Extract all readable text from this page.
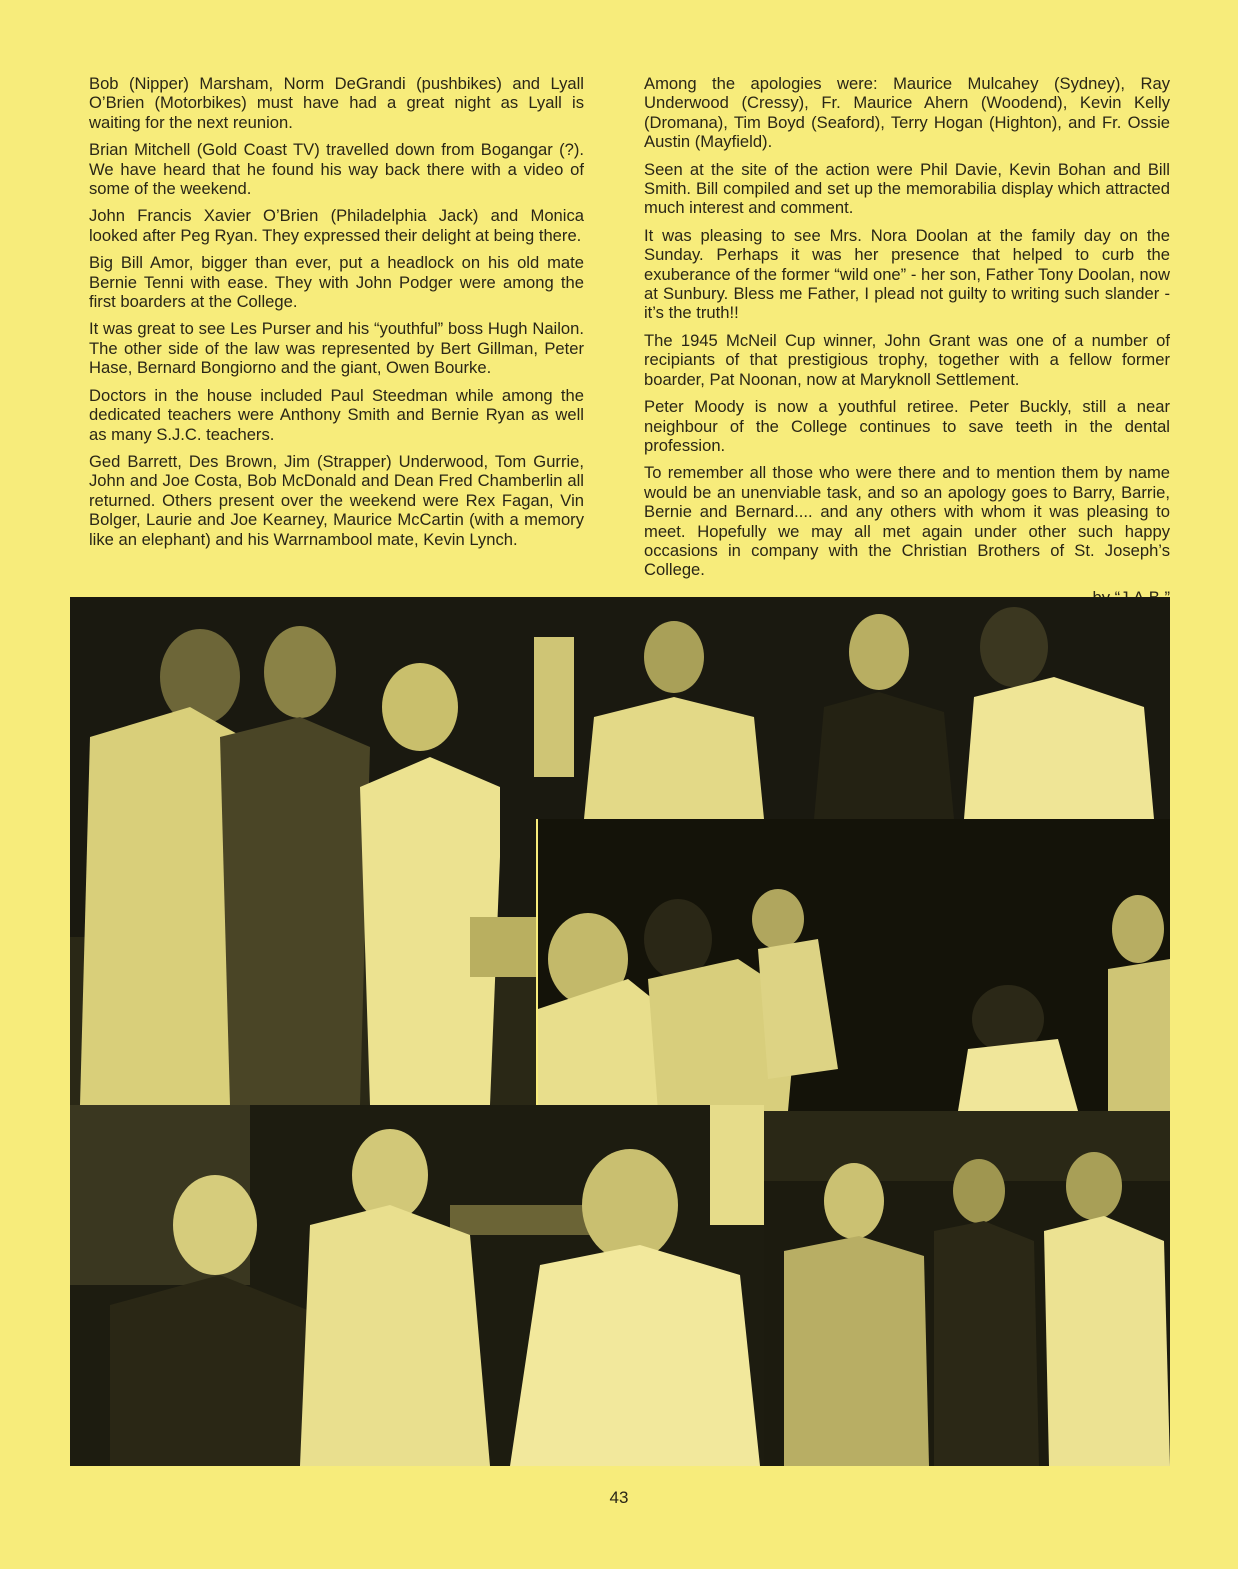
Bob (Nipper) Marsham, Norm DeGrandi (pushbikes) and Lyall O’Brien (Motorbikes) must have had a great night as Lyall is waiting for the next reunion.

Brian Mitchell (Gold Coast TV) travelled down from Bogangar (?). We have heard that he found his way back there with a video of some of the weekend.

John Francis Xavier O’Brien (Philadelphia Jack) and Monica looked after Peg Ryan. They expressed their delight at being there.

Big Bill Amor, bigger than ever, put a headlock on his old mate Bernie Tenni with ease. They with John Podger were among the first boarders at the College.

It was great to see Les Purser and his “youthful” boss Hugh Nailon. The other side of the law was represented by Bert Gillman, Peter Hase, Bernard Bongiorno and the giant, Owen Bourke.

Doctors in the house included Paul Steedman while among the dedicated teachers were Anthony Smith and Bernie Ryan as well as many S.J.C. teachers.

Ged Barrett, Des Brown, Jim (Strapper) Underwood, Tom Gurrie, John and Joe Costa, Bob McDonald and Dean Fred Chamberlin all returned. Others present over the weekend were Rex Fagan, Vin Bolger, Laurie and Joe Kearney, Maurice McCartin (with a memory like an elephant) and his Warrnambool mate, Kevin Lynch.

Among the apologies were: Maurice Mulcahey (Sydney), Ray Underwood (Cressy), Fr. Maurice Ahern (Woodend), Kevin Kelly (Dromana), Tim Boyd (Seaford), Terry Hogan (Highton), and Fr. Ossie Austin (Mayfield).

Seen at the site of the action were Phil Davie, Kevin Bohan and Bill Smith. Bill compiled and set up the memorabilia display which attracted much interest and comment.

It was pleasing to see Mrs. Nora Doolan at the family day on the Sunday. Perhaps it was her presence that helped to curb the exuberance of the former “wild one” - her son, Father Tony Doolan, now at Sunbury. Bless me Father, I plead not guilty to writing such slander - it’s the truth!!

The 1945 McNeil Cup winner, John Grant was one of a number of recipiants of that prestigious trophy, together with a fellow former boarder, Pat Noonan, now at Maryknoll Settlement.

Peter Moody is now a youthful retiree. Peter Buckly, still a near neighbour of the College continues to save teeth in the dental profession.

To remember all those who were there and to mention them by name would be an unenviable task, and so an apology goes to Barry, Barrie, Bernie and Bernard.... and any others with whom it was pleasing to meet. Hopefully we may all met again under other such happy occasions in company with the Christian Brothers of St. Joseph’s College.

43
